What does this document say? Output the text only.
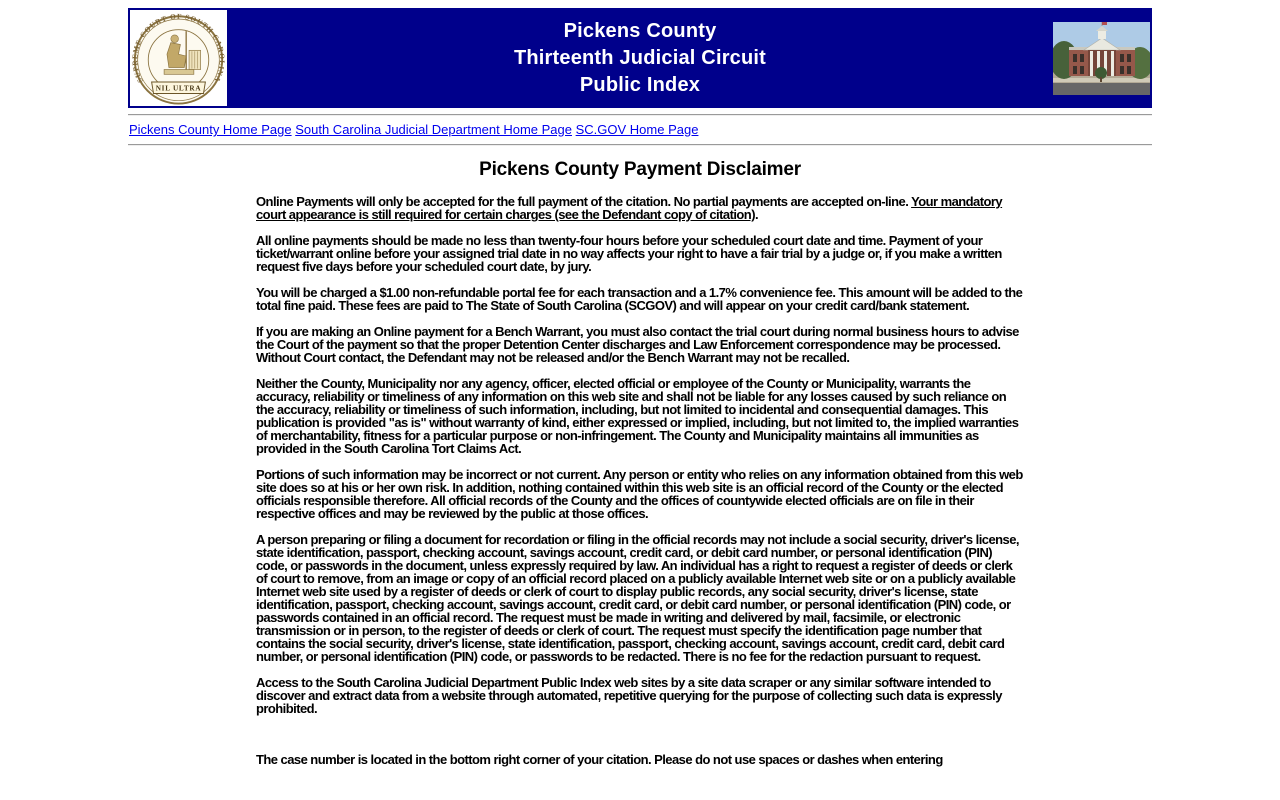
SUPREME COURT OF SOUTH CAROLINA
NIL ULTRA
Pickens County
Thirteenth Judicial Circuit
Public Index
Pickens County Home Page South Carolina Judicial Department Home Page SC.GOV Home Page
Pickens County Payment Disclaimer

Online Payments will only be accepted for the full payment of the citation. No partial payments are accepted on-line. Your mandatory court appearance is still required for certain charges (see the Defendant copy of citation).

All online payments should be made no less than twenty-four hours before your scheduled court date and time. Payment of your ticket/warrant online before your assigned trial date in no way affects your right to have a fair trial by a judge or, if you make a written request five days before your scheduled court date, by jury.

You will be charged a $1.00 non-refundable portal fee for each transaction and a 1.7% convenience fee. This amount will be added to the total fine paid. These fees are paid to The State of South Carolina (SCGOV) and will appear on your credit card/bank statement.

If you are making an Online payment for a Bench Warrant, you must also contact the trial court during normal business hours to advise the Court of the payment so that the proper Detention Center discharges and Law Enforcement correspondence may be processed. Without Court contact, the Defendant may not be released and/or the Bench Warrant may not be recalled.

Neither the County, Municipality nor any agency, officer, elected official or employee of the County or Municipality, warrants the accuracy, reliability or timeliness of any information on this web site and shall not be liable for any losses caused by such reliance on the accuracy, reliability or timeliness of such information, including, but not limited to incidental and consequential damages. This publication is provided "as is" without warranty of kind, either expressed or implied, including, but not limited to, the implied warranties of merchantability, fitness for a particular purpose or non-infringement. The County and Municipality maintains all immunities as provided in the South Carolina Tort Claims Act.

Portions of such information may be incorrect or not current. Any person or entity who relies on any information obtained from this web site does so at his or her own risk. In addition, nothing contained within this web site is an official record of the County or the elected officials responsible therefore. All official records of the County and the offices of countywide elected officials are on file in their respective offices and may be reviewed by the public at those offices.

A person preparing or filing a document for recordation or filing in the official records may not include a social security, driver's license, state identification, passport, checking account, savings account, credit card, or debit card number, or personal identification (PIN) code, or passwords in the document, unless expressly required by law. An individual has a right to request a register of deeds or clerk of court to remove, from an image or copy of an official record placed on a publicly available Internet web site or on a publicly available Internet web site used by a register of deeds or clerk of court to display public records, any social security, driver's license, state identification, passport, checking account, savings account, credit card, or debit card number, or personal identification (PIN) code, or passwords contained in an official record. The request must be made in writing and delivered by mail, facsimile, or electronic transmission or in person, to the register of deeds or clerk of court. The request must specify the identification page number that contains the social security, driver's license, state identification, passport, checking account, savings account, credit card, debit card number, or personal identification (PIN) code, or passwords to be redacted. There is no fee for the redaction pursuant to request.

Access to the South Carolina Judicial Department Public Index web sites by a site data scraper or any similar software intended to discover and extract data from a website through automated, repetitive querying for the purpose of collecting such data is expressly prohibited.

The case number is located in the bottom right corner of your citation. Please do not use spaces or dashes when entering
